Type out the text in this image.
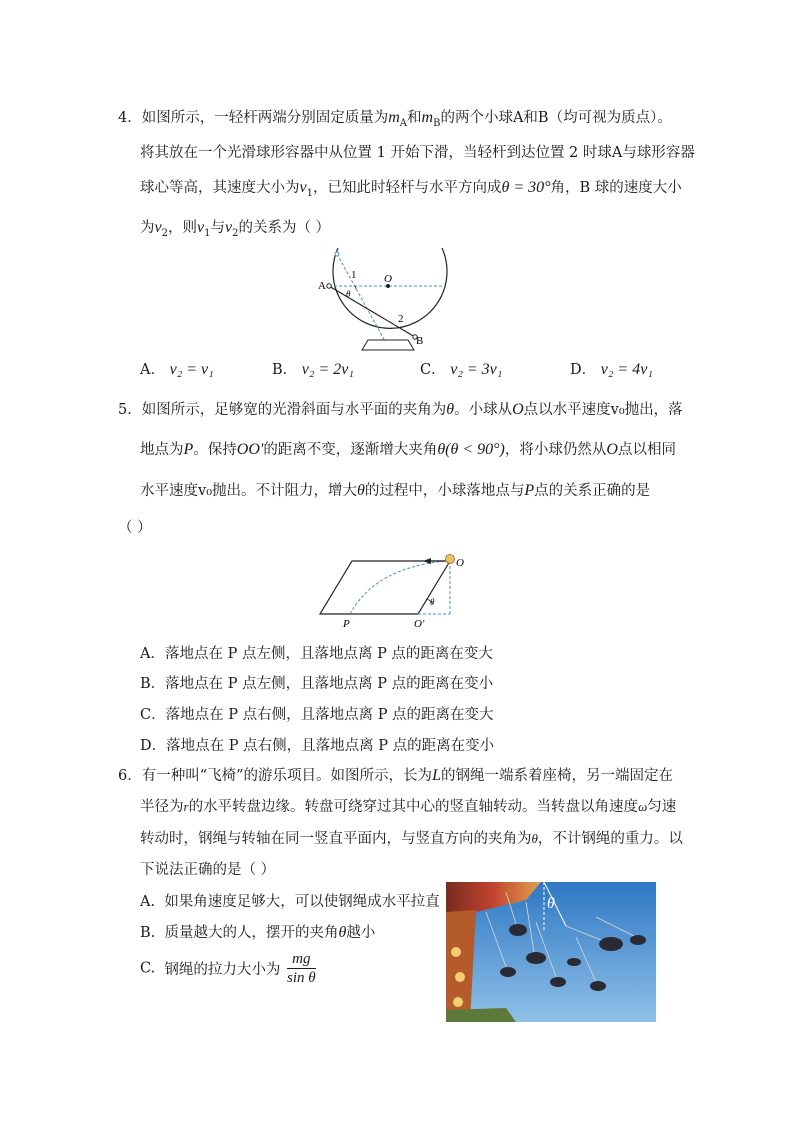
4．如图所示，一轻杆两端分别固定质量为$m_A$和$m_B$的两个小球A和B（均可视为质点）。
将其放在一个光滑球形容器中从位置 1 开始下滑，当轻杆到达位置 2 时球A与球形容器
球心等高，其速度大小为$v_1$，已知此时轻杆与水平方向成θ = 30°角，B 球的速度大小
为$v_2$，则$v_1$与$v_2$的关系为（ ）
A
B
O
1
2
θ
A． v₂ = v₁	B． v₂ = 2v₁	C． v₂ = 3v₁	D． v₂ = 4v₁
5．如图所示，足够宽的光滑斜面与水平面的夹角为θ。小球从O点以水平速度v₀抛出，落
地点为P。保持OO'的距离不变，逐渐增大夹角θ(θ < 90°)，将小球仍然从O点以相同
水平速度v₀抛出。不计阻力，增大θ的过程中，小球落地点与P点的关系正确的是
（ ）
O
O'
P
θ
A．落地点在 P 点左侧，且落地点离 P 点的距离在变大
B．落地点在 P 点左侧，且落地点离 P 点的距离在变小
C．落地点在 P 点右侧，且落地点离 P 点的距离在变大
D．落地点在 P 点右侧，且落地点离 P 点的距离在变小
6．有一种叫“飞椅”的游乐项目。如图所示，长为L的钢绳一端系着座椅，另一端固定在
半径为r的水平转盘边缘。转盘可绕穿过其中心的竖直轴转动。当转盘以角速度ω匀速
转动时，钢绳与转轴在同一竖直平面内，与竖直方向的夹角为θ，不计钢绳的重力。以
下说法正确的是（ ）
A. 如果角速度足够大，可以使钢绳成水平拉直
B. 质量越大的人，摆开的夹角θ越小
C. 钢绳的拉力大小为 $\frac{mg}{\text{sin θ}}$
θ
